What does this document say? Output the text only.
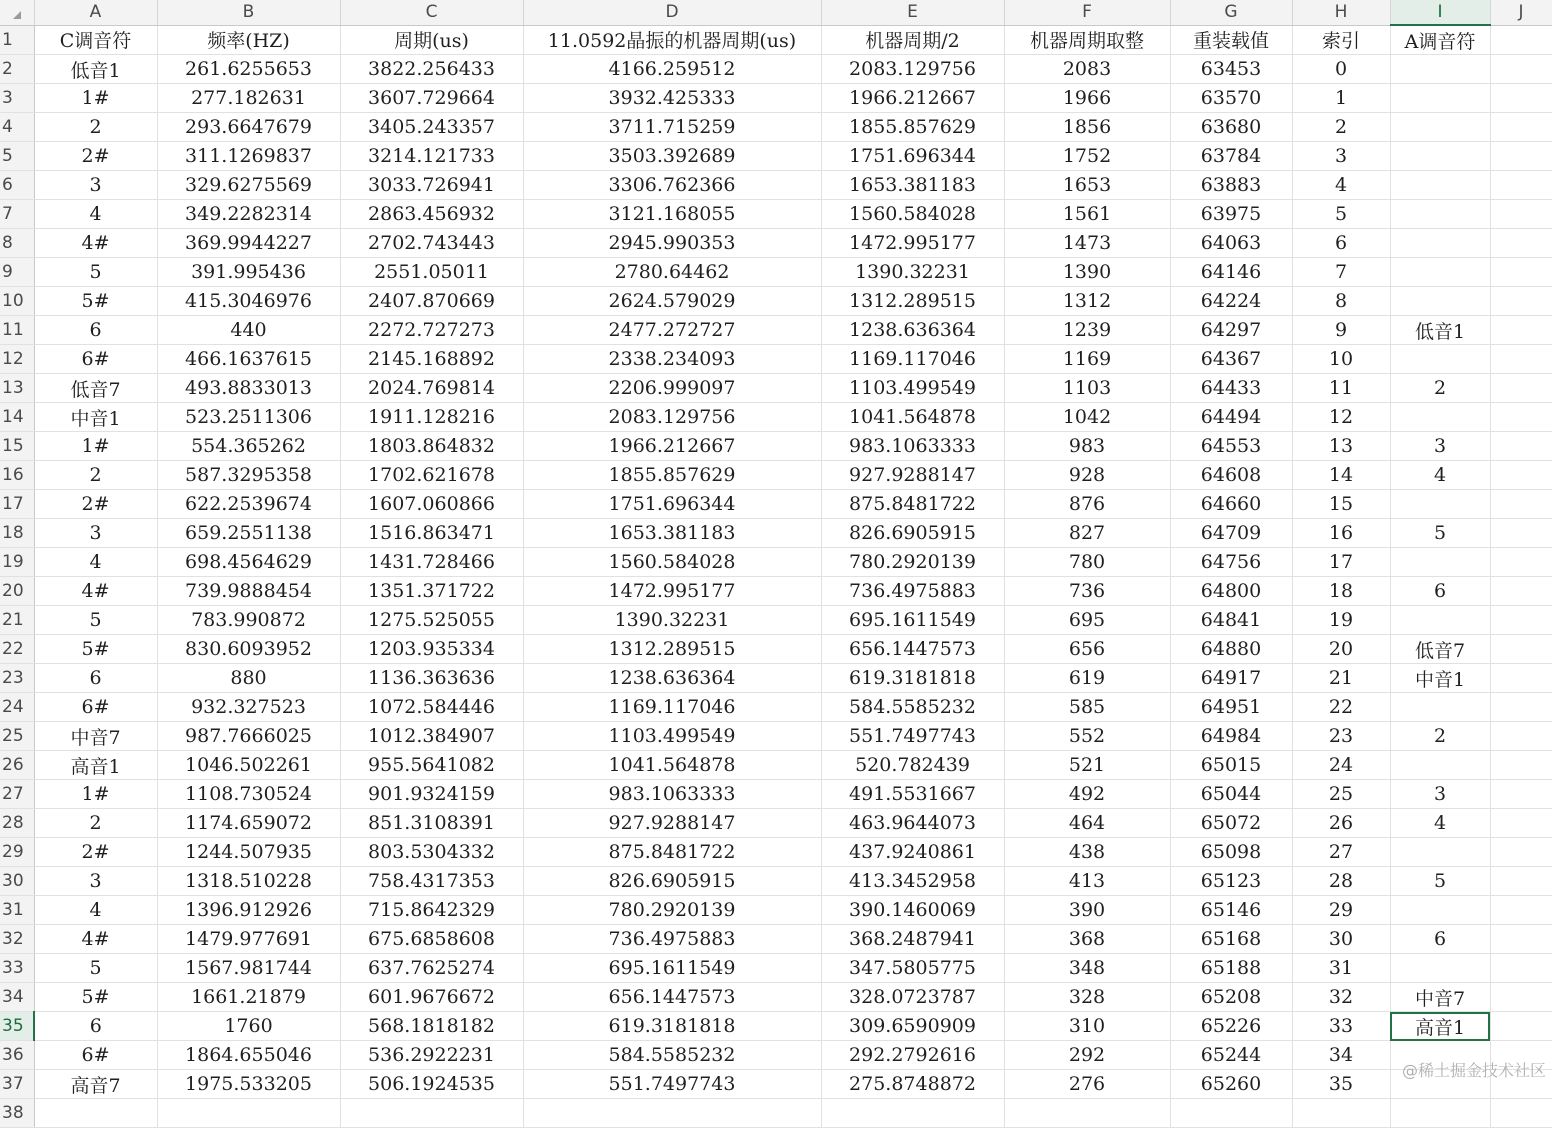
	A	B	C	D	E	F	G	H	I	J
1	C调音符	频率(HZ)	周期(us)	11.0592晶振的机器周期(us)	机器周期/2	机器周期取整	重装载值	索引	A调音符	
2	低音1	261.6255653	3822.256433	4166.259512	2083.129756	2083	63453	0		
3	1#	277.182631	3607.729664	3932.425333	1966.212667	1966	63570	1		
4	2	293.6647679	3405.243357	3711.715259	1855.857629	1856	63680	2		
5	2#	311.1269837	3214.121733	3503.392689	1751.696344	1752	63784	3		
6	3	329.6275569	3033.726941	3306.762366	1653.381183	1653	63883	4		
7	4	349.2282314	2863.456932	3121.168055	1560.584028	1561	63975	5		
8	4#	369.9944227	2702.743443	2945.990353	1472.995177	1473	64063	6		
9	5	391.995436	2551.05011	2780.64462	1390.32231	1390	64146	7		
10	5#	415.3046976	2407.870669	2624.579029	1312.289515	1312	64224	8		
11	6	440	2272.727273	2477.272727	1238.636364	1239	64297	9	低音1	
12	6#	466.1637615	2145.168892	2338.234093	1169.117046	1169	64367	10		
13	低音7	493.8833013	2024.769814	2206.999097	1103.499549	1103	64433	11	2	
14	中音1	523.2511306	1911.128216	2083.129756	1041.564878	1042	64494	12		
15	1#	554.365262	1803.864832	1966.212667	983.1063333	983	64553	13	3	
16	2	587.3295358	1702.621678	1855.857629	927.9288147	928	64608	14	4	
17	2#	622.2539674	1607.060866	1751.696344	875.8481722	876	64660	15		
18	3	659.2551138	1516.863471	1653.381183	826.6905915	827	64709	16	5	
19	4	698.4564629	1431.728466	1560.584028	780.2920139	780	64756	17		
20	4#	739.9888454	1351.371722	1472.995177	736.4975883	736	64800	18	6	
21	5	783.990872	1275.525055	1390.32231	695.1611549	695	64841	19		
22	5#	830.6093952	1203.935334	1312.289515	656.1447573	656	64880	20	低音7	
23	6	880	1136.363636	1238.636364	619.3181818	619	64917	21	中音1	
24	6#	932.327523	1072.584446	1169.117046	584.5585232	585	64951	22		
25	中音7	987.7666025	1012.384907	1103.499549	551.7497743	552	64984	23	2	
26	高音1	1046.502261	955.5641082	1041.564878	520.782439	521	65015	24		
27	1#	1108.730524	901.9324159	983.1063333	491.5531667	492	65044	25	3	
28	2	1174.659072	851.3108391	927.9288147	463.9644073	464	65072	26	4	
29	2#	1244.507935	803.5304332	875.8481722	437.9240861	438	65098	27		
30	3	1318.510228	758.4317353	826.6905915	413.3452958	413	65123	28	5	
31	4	1396.912926	715.8642329	780.2920139	390.1460069	390	65146	29		
32	4#	1479.977691	675.6858608	736.4975883	368.2487941	368	65168	30	6	
33	5	1567.981744	637.7625274	695.1611549	347.5805775	348	65188	31		
34	5#	1661.21879	601.9676672	656.1447573	328.0723787	328	65208	32	中音7	
35	6	1760	568.1818182	619.3181818	309.6590909	310	65226	33	高音1	
36	6#	1864.655046	536.2922231	584.5585232	292.2792616	292	65244	34		
37	高音7	1975.533205	506.1924535	551.7497743	275.8748872	276	65260	35		
38										
@稀土掘金技术社区
